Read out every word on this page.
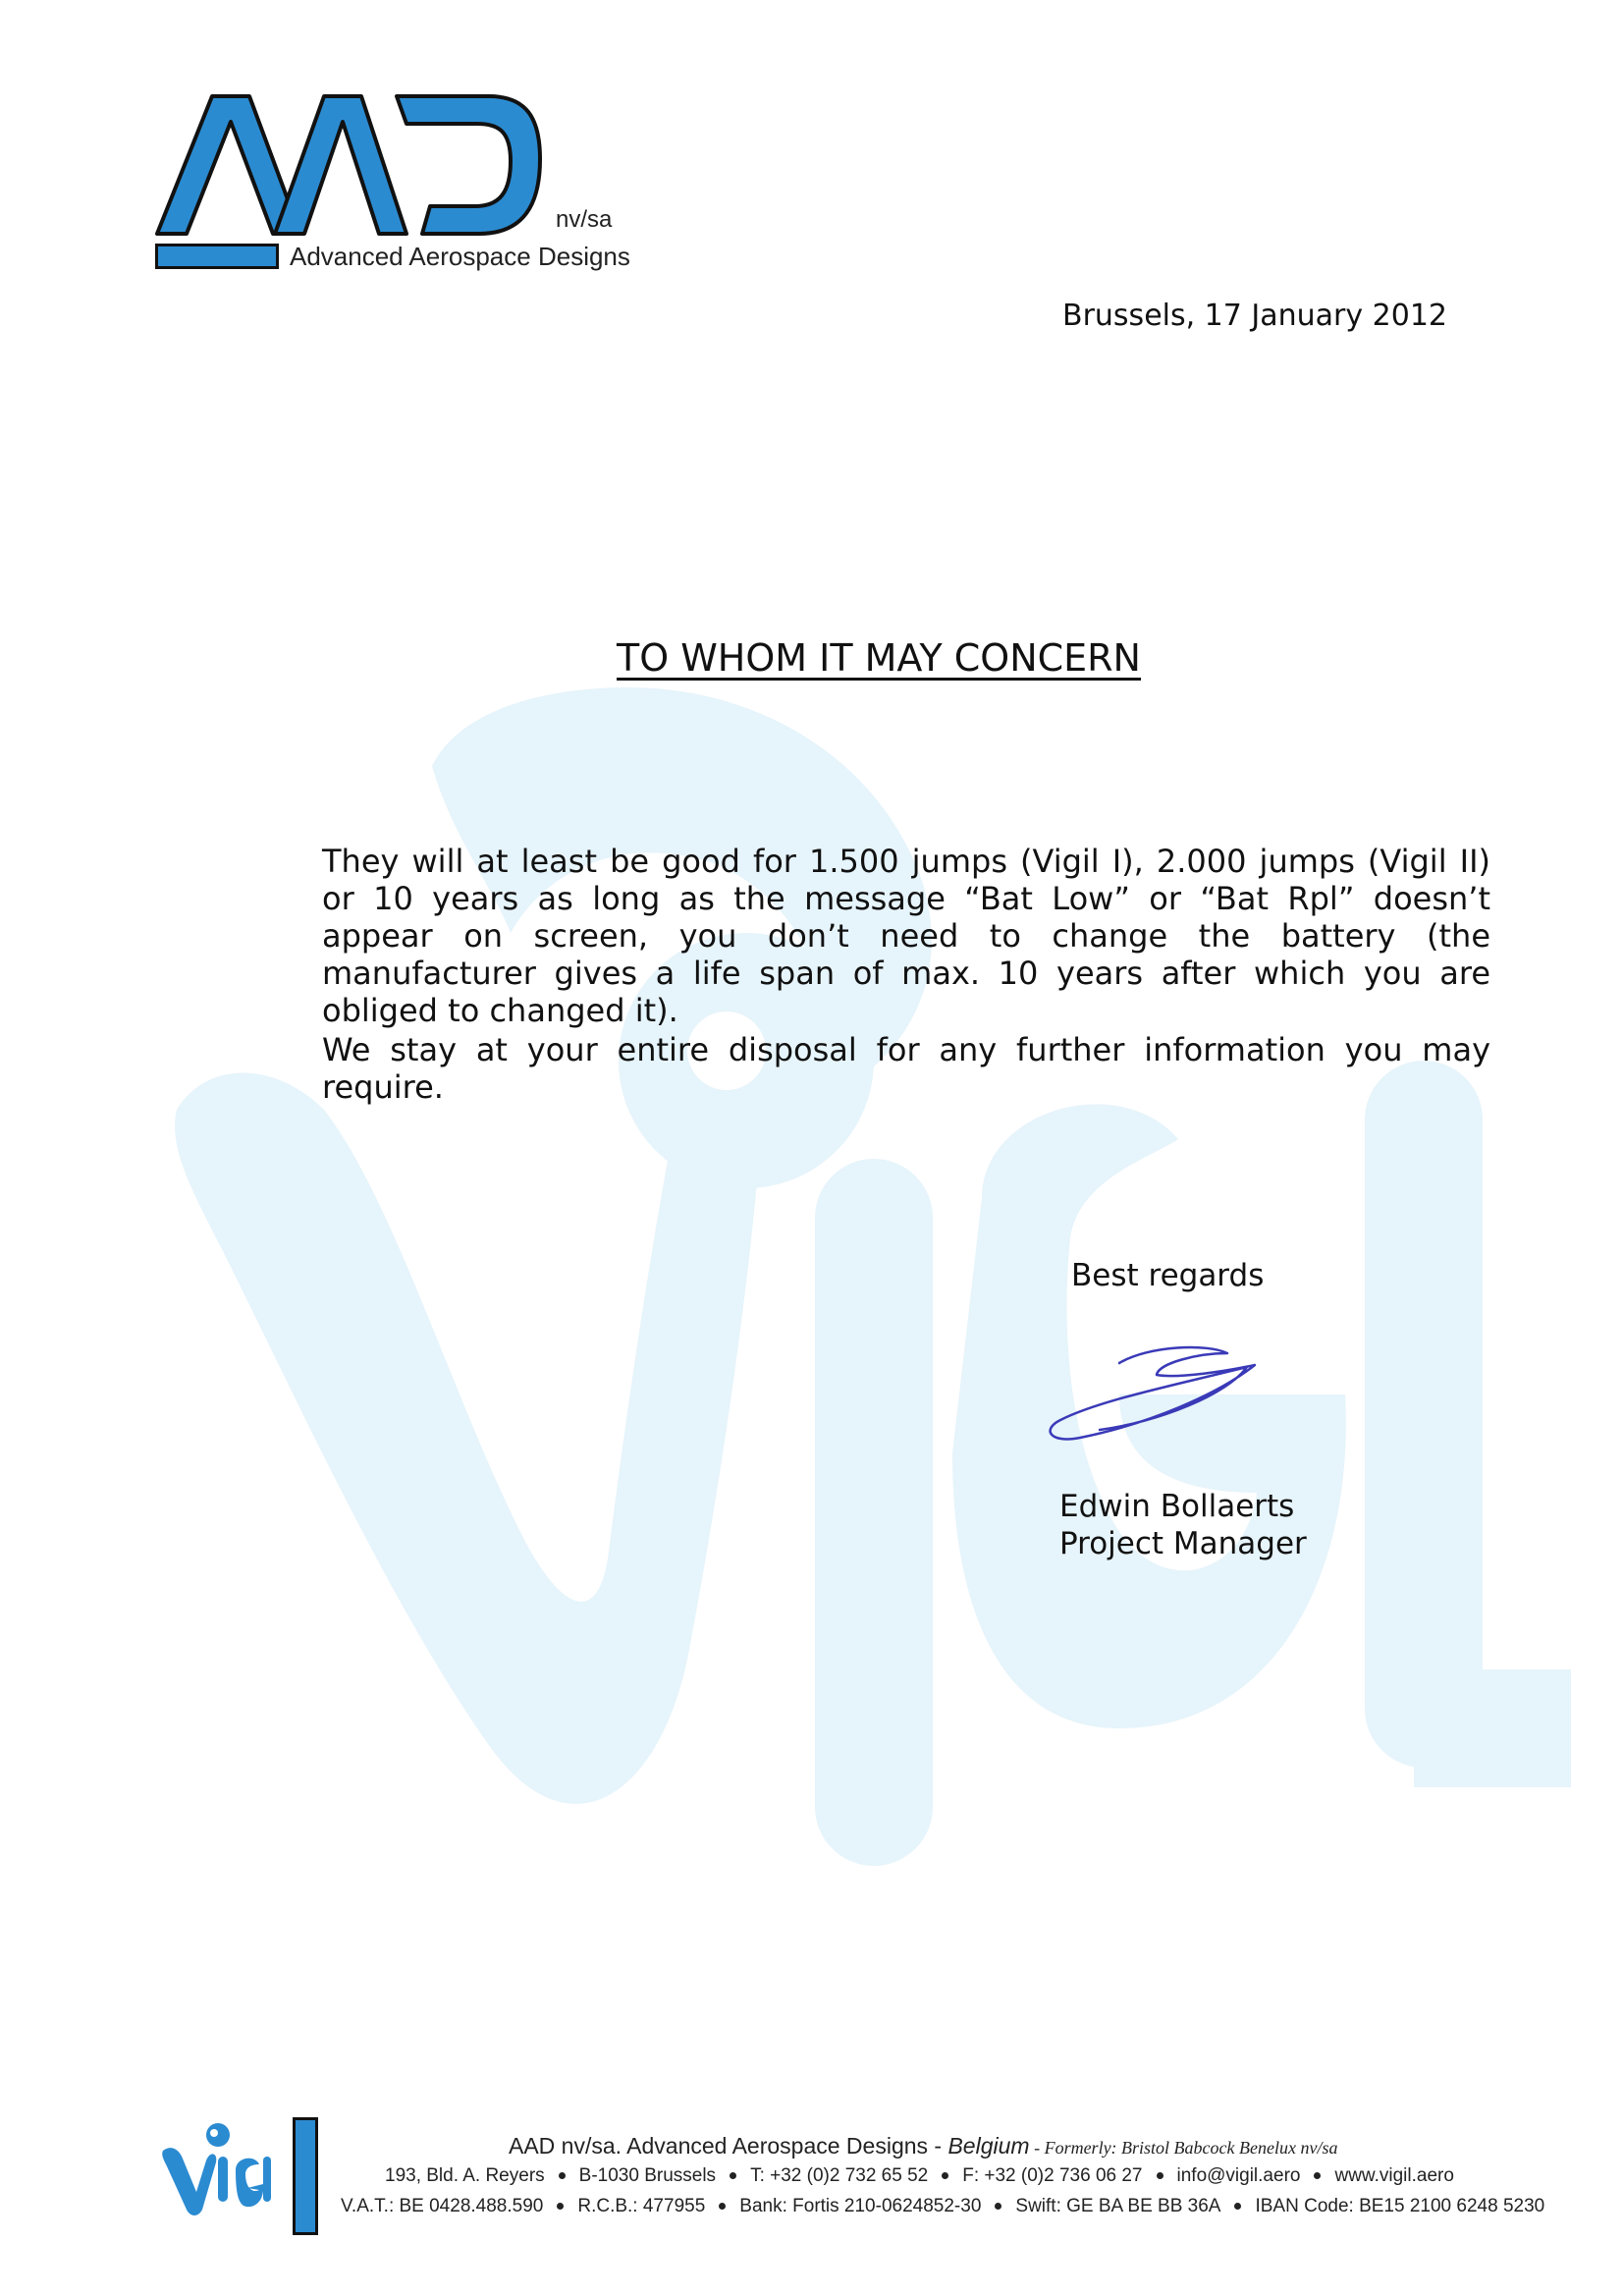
nv/sa
Advanced Aerospace Designs
Brussels, 17 January 2012
TO WHOM IT MAY CONCERN
They will at least be good for 1.500 jumps (Vigil I), 2.000 jumps (Vigil II) or 10 years as long as the message “Bat Low” or “Bat Rpl” doesn’t appear on screen, you don’t need to change the battery (the manufacturer gives a life span of max. 10 years after which you are obliged to changed it).
We stay at your entire disposal for any further information you may require.
Best regards
Edwin Bollaerts
Project Manager
AAD nv/sa. Advanced Aerospace Designs - Belgium - Formerly: Bristol Babcock Benelux nv/sa
193, Bld. A. Reyers B-1030 Brussels T: +32 (0)2 732 65 52 F: +32 (0)2 736 06 27 info@vigil.aero www.vigil.aero
V.A.T.: BE 0428.488.590 R.C.B.: 477955 Bank: Fortis 210-0624852-30 Swift: GE BA BE BB 36A IBAN Code: BE15 2100 6248 5230
